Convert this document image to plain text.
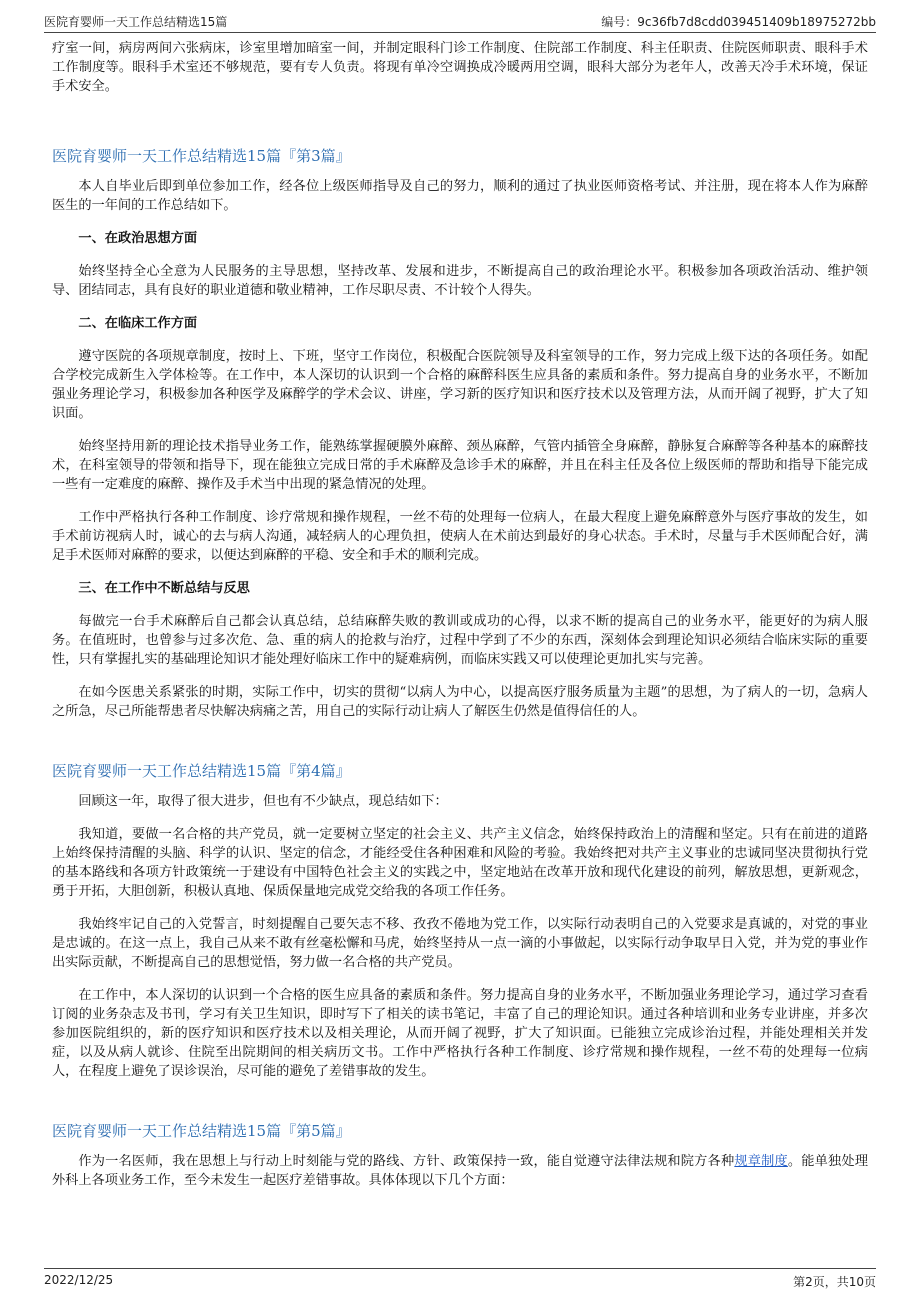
医院育婴师一天工作总结精选15篇	编号：9c36fb7d8cdd039451409b18975272bb

疗室一间，病房两间六张病床，诊室里增加暗室一间，并制定眼科门诊工作制度、住院部工作制度、科主任职责、住院医师职责、眼科手术工作制度等。眼科手术室还不够规范，要有专人负责。将现有单冷空调换成冷暖两用空调，眼科大部分为老年人，改善天冷手术环境，保证手术安全。

医院育婴师一天工作总结精选15篇『第3篇』

本人自毕业后即到单位参加工作，经各位上级医师指导及自己的努力，顺利的通过了执业医师资格考试、并注册，现在将本人作为麻醉医生的一年间的工作总结如下。

一、在政治思想方面

始终坚持全心全意为人民服务的主导思想，坚持改革、发展和进步，不断提高自己的政治理论水平。积极参加各项政治活动、维护领导、团结同志，具有良好的职业道德和敬业精神，工作尽职尽责、不计较个人得失。

二、在临床工作方面

遵守医院的各项规章制度，按时上、下班，坚守工作岗位，积极配合医院领导及科室领导的工作，努力完成上级下达的各项任务。如配合学校完成新生入学体检等。在工作中，本人深切的认识到一个合格的麻醉科医生应具备的素质和条件。努力提高自身的业务水平，不断加强业务理论学习，积极参加各种医学及麻醉学的学术会议、讲座，学习新的医疗知识和医疗技术以及管理方法，从而开阔了视野，扩大了知识面。

始终坚持用新的理论技术指导业务工作，能熟练掌握硬膜外麻醉、颈丛麻醉，气管内插管全身麻醉，静脉复合麻醉等各种基本的麻醉技术，在科室领导的带领和指导下，现在能独立完成日常的手术麻醉及急诊手术的麻醉，并且在科主任及各位上级医师的帮助和指导下能完成一些有一定难度的麻醉、操作及手术当中出现的紧急情况的处理。

工作中严格执行各种工作制度、诊疗常规和操作规程，一丝不苟的处理每一位病人，在最大程度上避免麻醉意外与医疗事故的发生，如手术前访视病人时，诚心的去与病人沟通，减轻病人的心理负担，使病人在术前达到最好的身心状态。手术时，尽量与手术医师配合好，满足手术医师对麻醉的要求，以便达到麻醉的平稳、安全和手术的顺利完成。

三、在工作中不断总结与反思

每做完一台手术麻醉后自己都会认真总结，总结麻醉失败的教训或成功的心得，以求不断的提高自己的业务水平，能更好的为病人服务。在值班时，也曾参与过多次危、急、重的病人的抢救与治疗，过程中学到了不少的东西，深刻体会到理论知识必须结合临床实际的重要性，只有掌握扎实的基础理论知识才能处理好临床工作中的疑难病例，而临床实践又可以使理论更加扎实与完善。

在如今医患关系紧张的时期，实际工作中，切实的贯彻“以病人为中心，以提高医疗服务质量为主题”的思想，为了病人的一切，急病人之所急，尽己所能帮患者尽快解决病痛之苦，用自己的实际行动让病人了解医生仍然是值得信任的人。

医院育婴师一天工作总结精选15篇『第4篇』

回顾这一年，取得了很大进步，但也有不少缺点，现总结如下：

我知道，要做一名合格的共产党员，就一定要树立坚定的社会主义、共产主义信念，始终保持政治上的清醒和坚定。只有在前进的道路上始终保持清醒的头脑、科学的认识、坚定的信念，才能经受住各种困难和风险的考验。我始终把对共产主义事业的忠诚同坚决贯彻执行党的基本路线和各项方针政策统一于建设有中国特色社会主义的实践之中，坚定地站在改革开放和现代化建设的前列，解放思想，更新观念，勇于开拓，大胆创新，积极认真地、保质保量地完成党交给我的各项工作任务。

我始终牢记自己的入党誓言，时刻提醒自己要矢志不移、孜孜不倦地为党工作，以实际行动表明自己的入党要求是真诚的，对党的事业是忠诚的。在这一点上，我自己从来不敢有丝毫松懈和马虎，始终坚持从一点一滴的小事做起，以实际行动争取早日入党，并为党的事业作出实际贡献，不断提高自己的思想觉悟，努力做一名合格的共产党员。

在工作中，本人深切的认识到一个合格的医生应具备的素质和条件。努力提高自身的业务水平，不断加强业务理论学习，通过学习查看订阅的业务杂志及书刊，学习有关卫生知识，即时写下了相关的读书笔记，丰富了自己的理论知识。通过各种培训和业务专业讲座，并多次参加医院组织的，新的医疗知识和医疗技术以及相关理论，从而开阔了视野，扩大了知识面。已能独立完成诊治过程，并能处理相关并发症，以及从病人就诊、住院至出院期间的相关病历文书。工作中严格执行各种工作制度、诊疗常规和操作规程，一丝不苟的处理每一位病人，在程度上避免了误诊误治，尽可能的避免了差错事故的发生。

医院育婴师一天工作总结精选15篇『第5篇』

作为一名医师，我在思想上与行动上时刻能与党的路线、方针、政策保持一致，能自觉遵守法律法规和院方各种规章制度。能单独处理外科上各项业务工作，至今未发生一起医疗差错事故。具体体现以下几个方面：

2022/12/25	第2页，共10页
